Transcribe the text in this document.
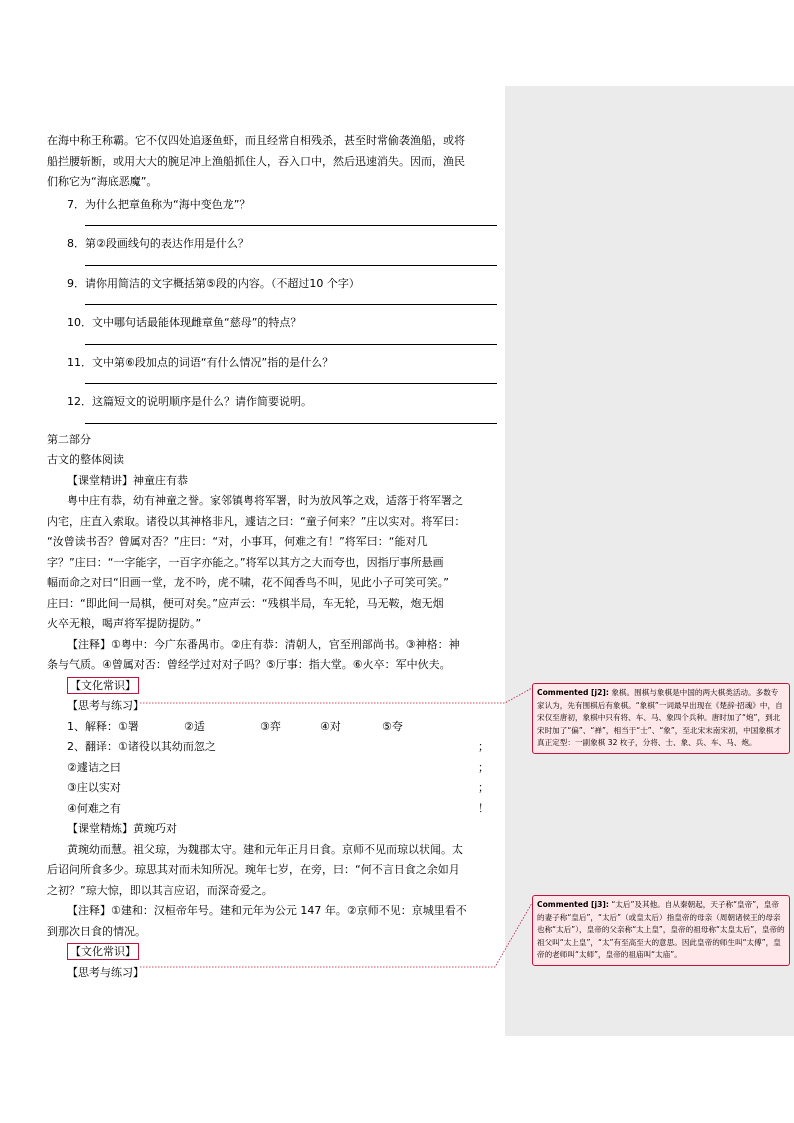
在海中称王称霸。它不仅四处追逐鱼虾，而且经常自相残杀，甚至时常偷袭渔船，或将
船拦腰斩断，或用大大的腕足冲上渔船抓住人，吞入口中，然后迅速消失。因而，渔民
们称它为“海底恶魔”。
7．为什么把章鱼称为“海中变色龙”？
8．第②段画线句的表达作用是什么？
9．请你用简洁的文字概括第⑤段的内容。（不超过10 个字）
10．文中哪句话最能体现雌章鱼“慈母”的特点？
11．文中第⑥段加点的词语“有什么情况”指的是什么？
12．这篇短文的说明顺序是什么？请作简要说明。
第二部分
古文的整体阅读
【课堂精讲】神童庄有恭
粤中庄有恭，幼有神童之誉。家邻镇粤将军署，时为放风筝之戏，适落于将军署之
内宅，庄直入索取。诸役以其神格非凡，遽诘之曰：“童子何来？”庄以实对。将军曰：
“汝曾读书否？曾属对否？”庄曰：“对，小事耳，何难之有！”将军曰：“能对几
字？”庄曰：“一字能字，一百字亦能之。”将军以其方之大而夸也，因指厅事所悬画
幅而命之对曰“旧画一堂，龙不吟，虎不啸，花不闻香鸟不叫，见此小子可笑可笑。”
庄曰：“即此间一局棋，便可对矣。”应声云：“残棋半局，车无轮，马无鞍，炮无烟
火卒无粮，喝声将军提防提防。”
【注释】①粤中：今广东番禺市。②庄有恭：清朝人，官至刑部尚书。③神格：神
条与气质。④曾属对否：曾经学过对对子吗？⑤厅事：指大堂。⑥火卒：军中伙夫。
【文化常识】
【思考与练习】
1、解释：①署	②适	③弈	④对	⑤夸
2、翻译：①诸役以其幼而忽之	；
②遽诘之曰	；
③庄以实对	；
④何难之有	！
【课堂精炼】黄琬巧对
黄琬幼而慧。祖父琼，为魏郡太守。建和元年正月日食。京师不见而琼以状闻。太
后诏问所食多少。琼思其对而未知所况。琬年七岁，在旁，曰：“何不言日食之余如月
之初？”琼大惊，即以其言应诏，而深奇爱之。
【注释】①建和：汉桓帝年号。建和元年为公元 147 年。②京师不见：京城里看不
到那次日食的情况。
【文化常识】
【思考与练习】
Commented [j2]: 象棋。围棋与象棋是中国的两大棋类活动。多数专家认为，先有围棋后有象棋。“象棋”一词最早出现在《楚辞·招魂》中，自宋仅至唐初，象棋中只有将、车、马、象四个兵种。唐时加了“炮”，到北宋时加了“偏”、“禅”，相当于“士”、“象”，至北宋末南宋初，中国象棋才真正定型：一副象棋 32 枚子，分将、士、象、兵、车、马、炮。
Commented [j3]: “太后”及其他。自从秦朝起，天子称“皇帝”，皇帝的妻子称“皇后”，“太后”（或皇太后）指皇帝的母亲（周朝诸侯王的母亲也称“太后”），皇帝的父亲称“太上皇”，皇帝的祖母称“太皇太后”，皇帝的祖父叫“太上皇”，“太”有至高至大的意思。因此皇帝的师生叫“太傅”，皇帝的老师叫“太师”，皇帝的祖庙叫“太庙”。
